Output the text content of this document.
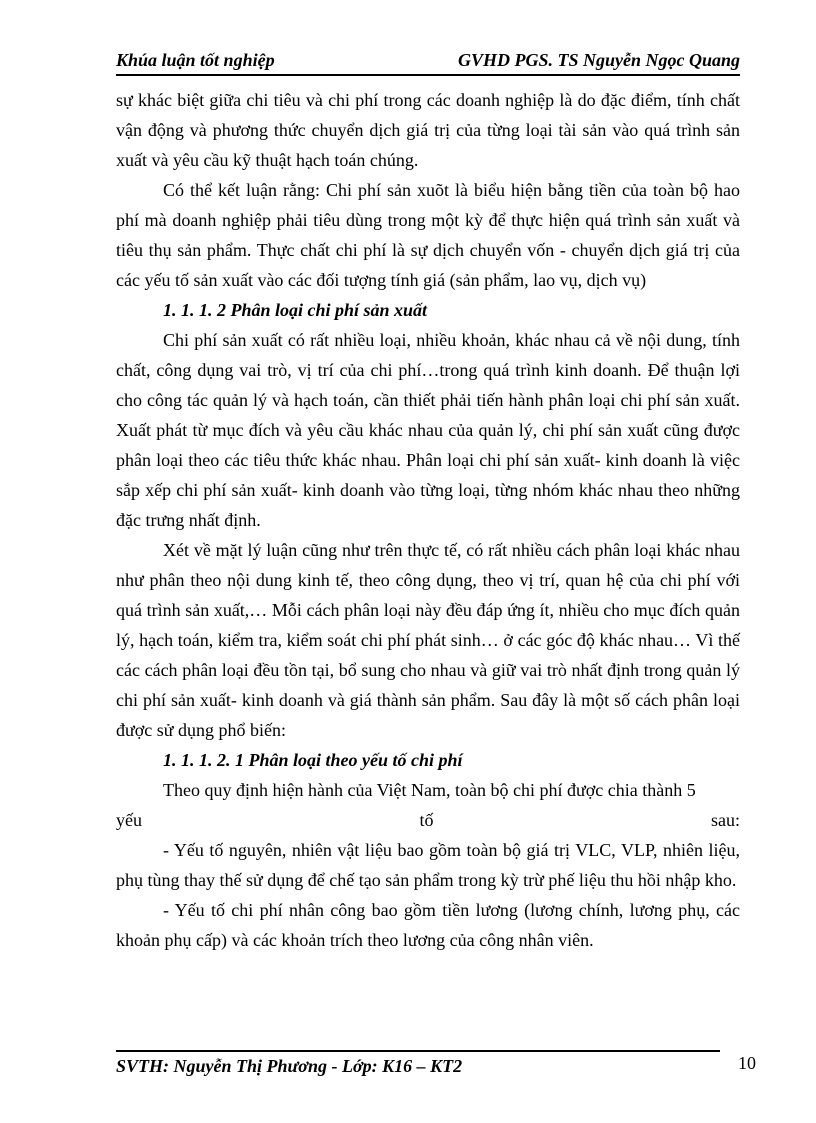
Khúa luận tốt nghiệp	GVHD PGS. TS Nguyễn Ngọc Quang

sự khác biệt giữa chi tiêu và chi phí trong các doanh nghiệp là do đặc điểm, tính chất vận động và phương thức chuyển dịch giá trị của từng loại tài sản vào quá trình sản xuất và yêu cầu kỹ thuật hạch toán chúng.

Có thể kết luận rằng: Chi phí sản xuõt là biểu hiện bằng tiền của toàn bộ hao phí mà doanh nghiệp phải tiêu dùng trong một kỳ để thực hiện quá trình sản xuất và tiêu thụ sản phẩm. Thực chất chi phí là sự dịch chuyển vốn - chuyển dịch giá trị của các yếu tố sản xuất vào các đối tượng tính giá (sản phẩm, lao vụ, dịch vụ)

1. 1. 1. 2 Phân loại chi phí sản xuất

Chi phí sản xuất có rất nhiều loại, nhiều khoản, khác nhau cả về nội dung, tính chất, công dụng vai trò, vị trí của chi phí…trong quá trình kinh doanh. Để thuận lợi cho công tác quản lý và hạch toán, cần thiết phải tiến hành phân loại chi phí sản xuất. Xuất phát từ mục đích và yêu cầu khác nhau của quản lý, chi phí sản xuất cũng được phân loại theo các tiêu thức khác nhau. Phân loại chi phí sản xuất- kinh doanh là việc sắp xếp chi phí sản xuất- kinh doanh vào từng loại, từng nhóm khác nhau theo những đặc trưng nhất định.

Xét về mặt lý luận cũng như trên thực tế, có rất nhiều cách phân loại khác nhau như phân theo nội dung kinh tế, theo công dụng, theo vị trí, quan hệ của chi phí với quá trình sản xuất,… Mỗi cách phân loại này đều đáp ứng ít, nhiều cho mục đích quản lý, hạch toán, kiểm tra, kiểm soát chi phí phát sinh… ở các góc độ khác nhau… Vì thế các cách phân loại đều tồn tại, bổ sung cho nhau và giữ vai trò nhất định trong quản lý chi phí sản xuất- kinh doanh và giá thành sản phẩm. Sau đây là một số cách phân loại được sử dụng phổ biến:

1. 1. 1. 2. 1 Phân loại theo yếu tố chi phí

Theo quy định hiện hành của Việt Nam, toàn bộ chi phí được chia thành 5

yếu	tố	sau:

- Yếu tố nguyên, nhiên vật liệu bao gồm toàn bộ giá trị VLC, VLP, nhiên liệu, phụ tùng thay thế sử dụng để chế tạo sản phẩm trong kỳ trừ phế liệu thu hồi nhập kho.

- Yếu tố chi phí nhân công bao gồm tiền lương (lương chính, lương phụ, các khoản phụ cấp) và các khoản trích theo lương của công nhân viên.

SVTH: Nguyễn Thị Phương - Lớp: K16 – KT2	10
